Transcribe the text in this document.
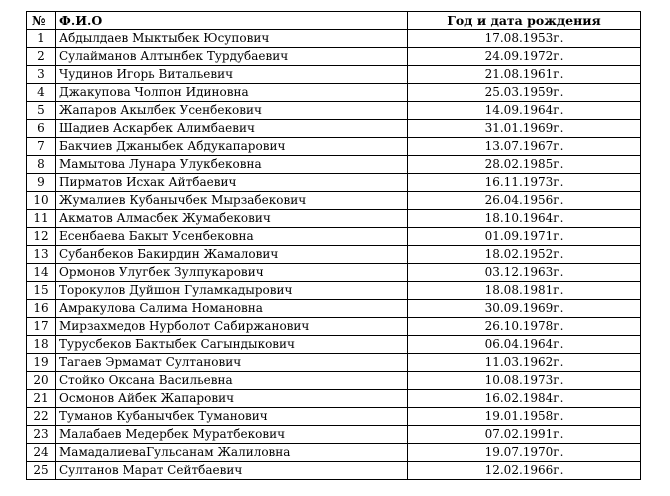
№	Ф.И.О	Год и дата рождения
1	Абдылдаев Мыктыбек Юсупович	17.08.1953г.
2	Сулайманов Алтынбек Турдубаевич	24.09.1972г.
3	Чудинов Игорь Витальевич	21.08.1961г.
4	Джакупова Чолпон Идиновна	25.03.1959г.
5	Жапаров Акылбек Усенбекович	14.09.1964г.
6	Шадиев Аскарбек Алимбаевич	31.01.1969г.
7	Бакчиев Джаныбек Абдукапарович	13.07.1967г.
8	Мамытова Лунара Улукбековна	28.02.1985г.
9	Пирматов Исхак Айтбаевич	16.11.1973г.
10	Жумалиев Кубанычбек Мырзабекович	26.04.1956г.
11	Акматов Алмасбек Жумабекович	18.10.1964г.
12	Есенбаева Бакыт Усенбековна	01.09.1971г.
13	Субанбеков Бакирдин Жамалович	18.02.1952г.
14	Ормонов Улугбек Зулпукарович	03.12.1963г.
15	Торокулов Дуйшон Гуламкадырович	18.08.1981г.
16	Амракулова Салима Номановна	30.09.1969г.
17	Мирзахмедов Нурболот Сабиржанович	26.10.1978г.
18	Турусбеков Бактыбек Сагындыкович	06.04.1964г.
19	Тагаев Эрмамат Султанович	11.03.1962г.
20	Стойко Оксана Васильевна	10.08.1973г.
21	Осмонов Айбек Жапарович	16.02.1984г.
22	Туманов Кубанычбек Туманович	19.01.1958г.
23	Малабаев Медербек Муратбекович	07.02.1991г.
24	МамадалиеваГульсанам Жалиловна	19.07.1970г.
25	Султанов Марат Сейтбаевич	12.02.1966г.
